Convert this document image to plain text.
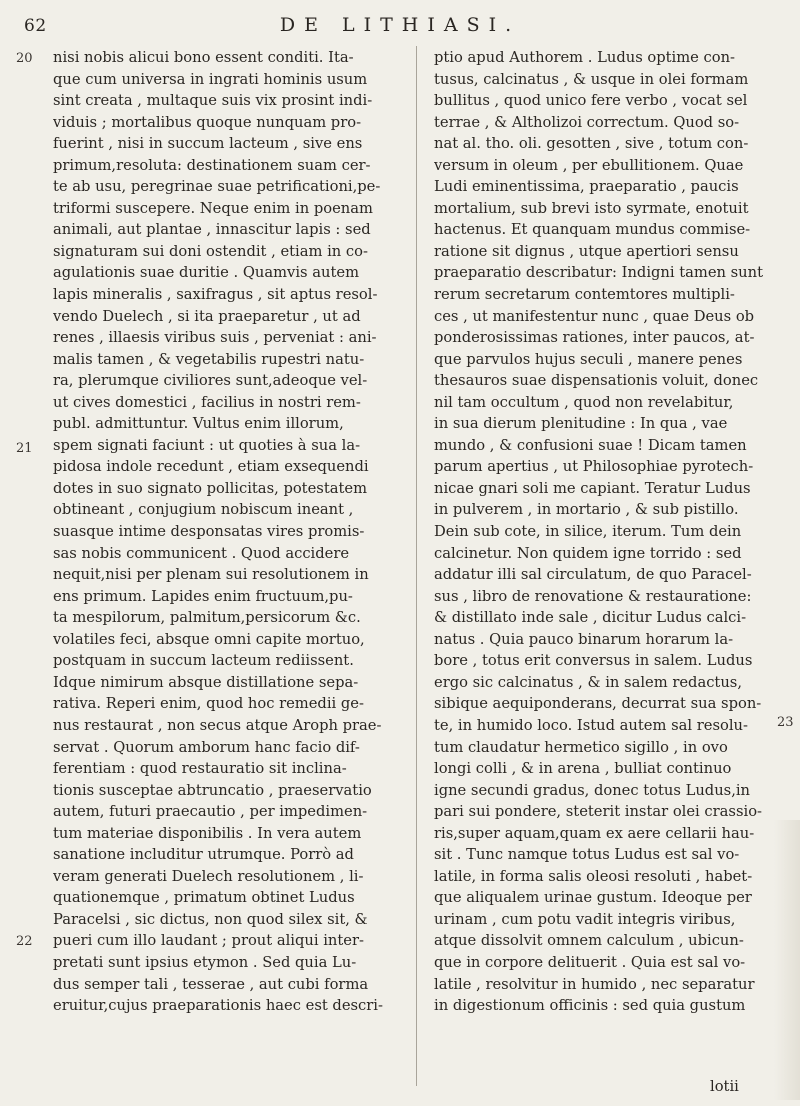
62	DE LITHIASI.
20
21
22
23
nisi nobis alicui bono essent conditi. Ita-
que cum universa in ingrati hominis usum
sint creata , multaque suis vix prosint indi-
viduis ; mortalibus quoque nunquam pro-
fuerint , nisi in succum lacteum , sive ens
primum,resoluta: destinationem suam cer-
te ab usu, peregrinae suae petrificationi,pe-
triformi suscepere. Neque enim in poenam
animali, aut plantae , innascitur lapis : sed
signaturam sui doni ostendit , etiam in co-
agulationis suae duritie . Quamvis autem
lapis mineralis , saxifragus , sit aptus resol-
vendo Duelech , si ita praeparetur , ut ad
renes , illaesis viribus suis , perveniat : ani-
malis tamen , & vegetabilis rupestri natu-
ra, plerumque civiliores sunt,adeoque vel-
ut cives domestici , facilius in nostri rem-
publ. admittuntur. Vultus enim illorum,
spem signati faciunt : ut quoties à sua la-
pidosa indole recedunt , etiam exsequendi
dotes in suo signato pollicitas, potestatem
obtineant , conjugium nobiscum ineant ,
suasque intime desponsatas vires promis-
sas nobis communicent . Quod accidere
nequit,nisi per plenam sui resolutionem in
ens primum. Lapides enim fructuum,pu-
ta mespilorum, palmitum,persicorum &c.
volatiles feci, absque omni capite mortuo,
postquam in succum lacteum rediissent.
Idque nimirum absque distillatione sepa-
rativa. Reperi enim, quod hoc remedii ge-
nus restaurat , non secus atque Aroph prae-
servat . Quorum amborum hanc facio dif-
ferentiam : quod restauratio sit inclina-
tionis susceptae abtruncatio , praeservatio
autem, futuri praecautio , per impedimen-
tum materiae disponibilis . In vera autem
sanatione includitur utrumque. Porrò ad
veram generati Duelech resolutionem , li-
quationemque , primatum obtinet Ludus
Paracelsi , sic dictus, non quod silex sit, &
pueri cum illo laudant ; prout aliqui inter-
pretati sunt ipsius etymon . Sed quia Lu-
dus semper tali , tesserae , aut cubi forma
eruitur,cujus praeparationis haec est descri-
ptio apud Authorem . Ludus optime con-
tusus, calcinatus , & usque in olei formam
bullitus , quod unico fere verbo , vocat sel
terrae , & Altholizoi correctum. Quod so-
nat al. tho. oli. gesotten , sive , totum con-
versum in oleum , per ebullitionem. Quae
Ludi eminentissima, praeparatio , paucis
mortalium, sub brevi isto syrmate, enotuit
hactenus. Et quanquam mundus commise-
ratione sit dignus , utque apertiori sensu
praeparatio describatur: Indigni tamen sunt
rerum secretarum contemtores multipli-
ces , ut manifestentur nunc , quae Deus ob
ponderosissimas rationes, inter paucos, at-
que parvulos hujus seculi , manere penes
thesauros suae dispensationis voluit, donec
nil tam occultum , quod non revelabitur,
in sua dierum plenitudine : In qua , vae
mundo , & confusioni suae ! Dicam tamen
parum apertius , ut Philosophiae pyrotech-
nicae gnari soli me capiant. Teratur Ludus
in pulverem , in mortario , & sub pistillo.
Dein sub cote, in silice, iterum. Tum dein
calcinetur. Non quidem igne torrido : sed
addatur illi sal circulatum, de quo Paracel-
sus , libro de renovatione & restauratione:
& distillato inde sale , dicitur Ludus calci-
natus . Quia pauco binarum horarum la-
bore , totus erit conversus in salem. Ludus
ergo sic calcinatus , & in salem redactus,
sibique aequiponderans, decurrat sua spon-
te, in humido loco. Istud autem sal resolu-
tum claudatur hermetico sigillo , in ovo
longi colli , & in arena , bulliat continuo
igne secundi gradus, donec totus Ludus,in
pari sui pondere, steterit instar olei crassio-
ris,super aquam,quam ex aere cellarii hau-
sit . Tunc namque totus Ludus est sal vo-
latile, in forma salis oleosi resoluti , habet-
que aliqualem urinae gustum. Ideoque per
urinam , cum potu vadit integris viribus,
atque dissolvit omnem calculum , ubicun-
que in corpore delituerit . Quia est sal vo-
latile , resolvitur in humido , nec separatur
in digestionum officinis : sed quia gustum
lotii
